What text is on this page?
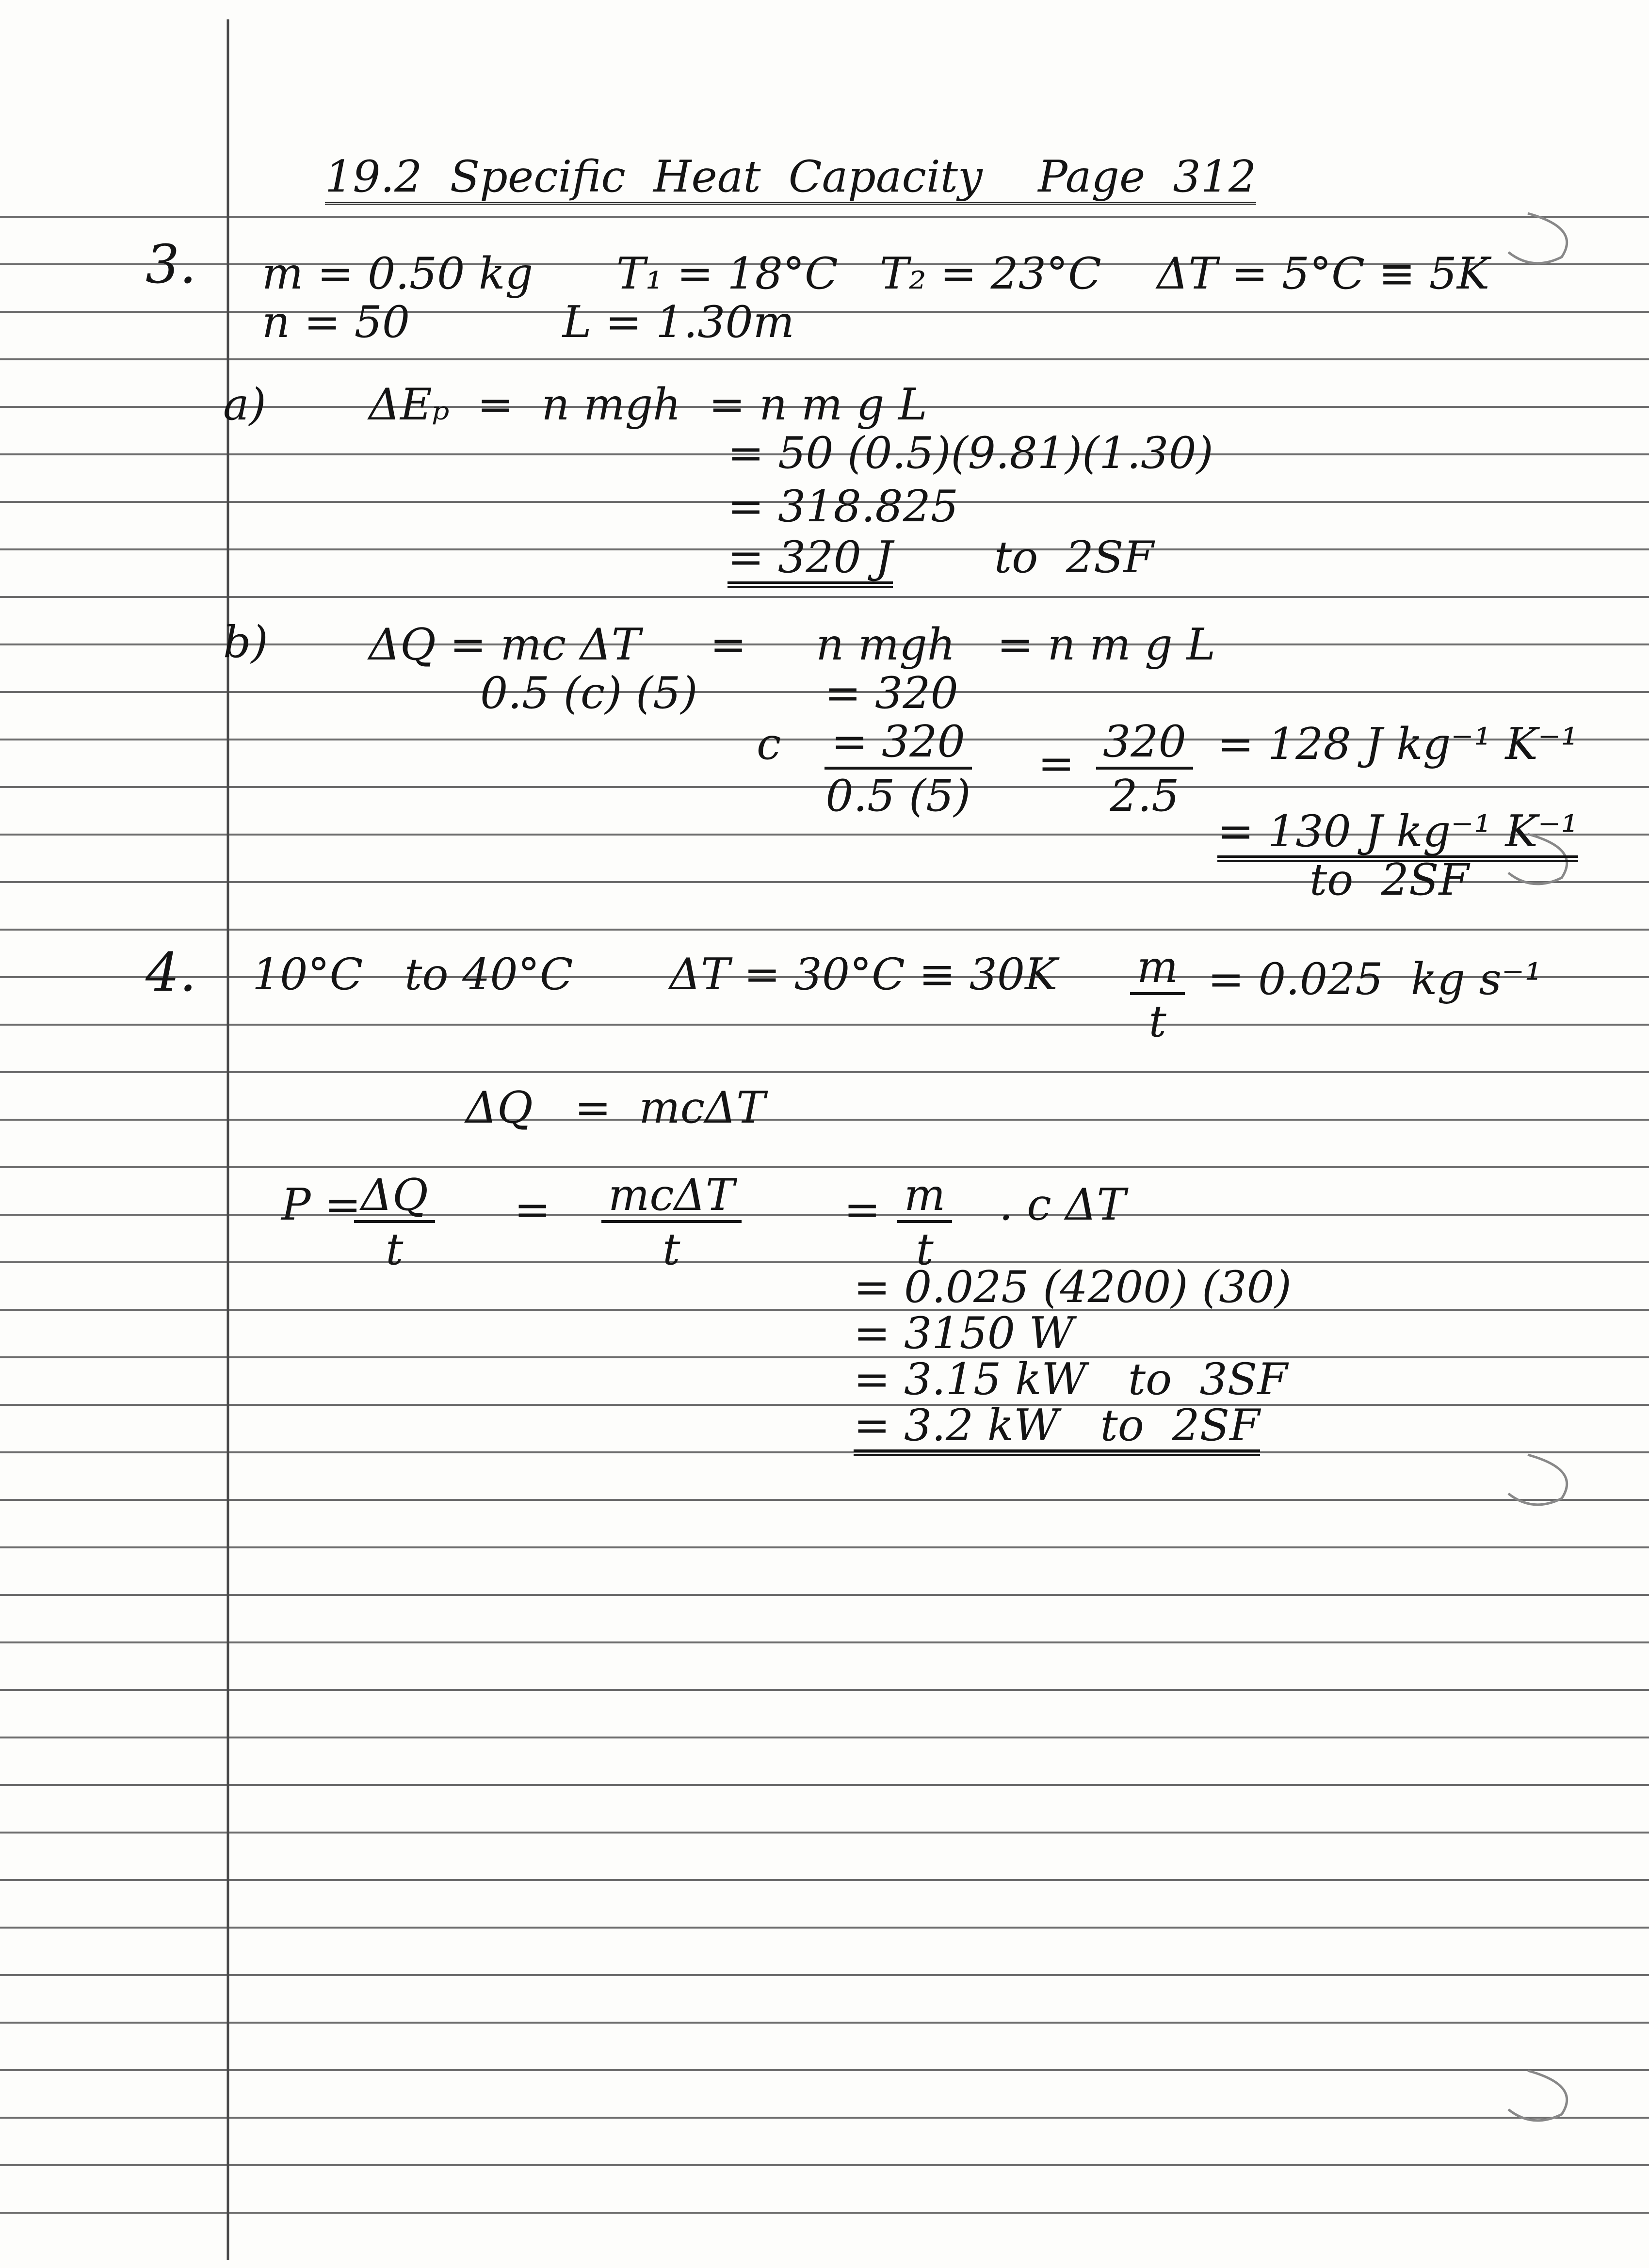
19.2  Specific  Heat  Capacity    Page  312
3. m = 0.50 kg      T₁ = 18°C   T₂ = 23°C    ΔT = 5°C ≡ 5K
n = 50           L = 1.30m
a) ΔEₚ  =  n mgh  = n m g L
= 50 (0.5)(9.81)(1.30)
= 318.825
= 320 J to  2SF
b) ΔQ = mc ΔT     =     n mgh   = n m g L
0.5 (c) (5)	= 320
c $\frac{= 320}{0.5 (5)} = \frac{320}{2.5} = 128$ J kg⁻¹ K⁻¹
= 130 J kg⁻¹ K⁻¹
to  2SF
4. 10°C   to 40°C $\Delta T = 30^\circ C \equiv 30K \frac{m}{t} = 0.025$  kg s⁻¹
ΔQ   =  mcΔT
P =
$\frac{\Delta Q}{t} = mc\Delta T$
t
= $\frac{m}{t}$ . c ΔT
= 0.025 (4200) (30)
= 3150 W
= 3.15 kW   to  3SF
= 3.2 kW   to  2SF
